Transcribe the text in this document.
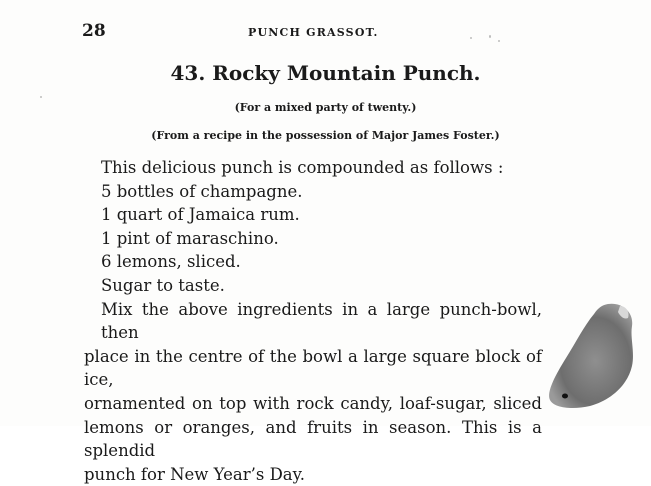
28	PUNCH GRASSOT.
43. Rocky Mountain Punch.
(For a mixed party of twenty.)
(From a recipe in the possession of Major James Foster.)
This delicious punch is compounded as follows :
5 bottles of champagne.
1 quart of Jamaica rum.
1 pint of maraschino.
6 lemons, sliced.
Sugar to taste.
Mix the above ingredients in a large punch-bowl, then
place in the centre of the bowl a large square block of ice,
ornamented on top with rock candy, loaf-sugar, sliced
lemons or oranges, and fruits in season. This is a splendid
punch for New Year’s Day.
